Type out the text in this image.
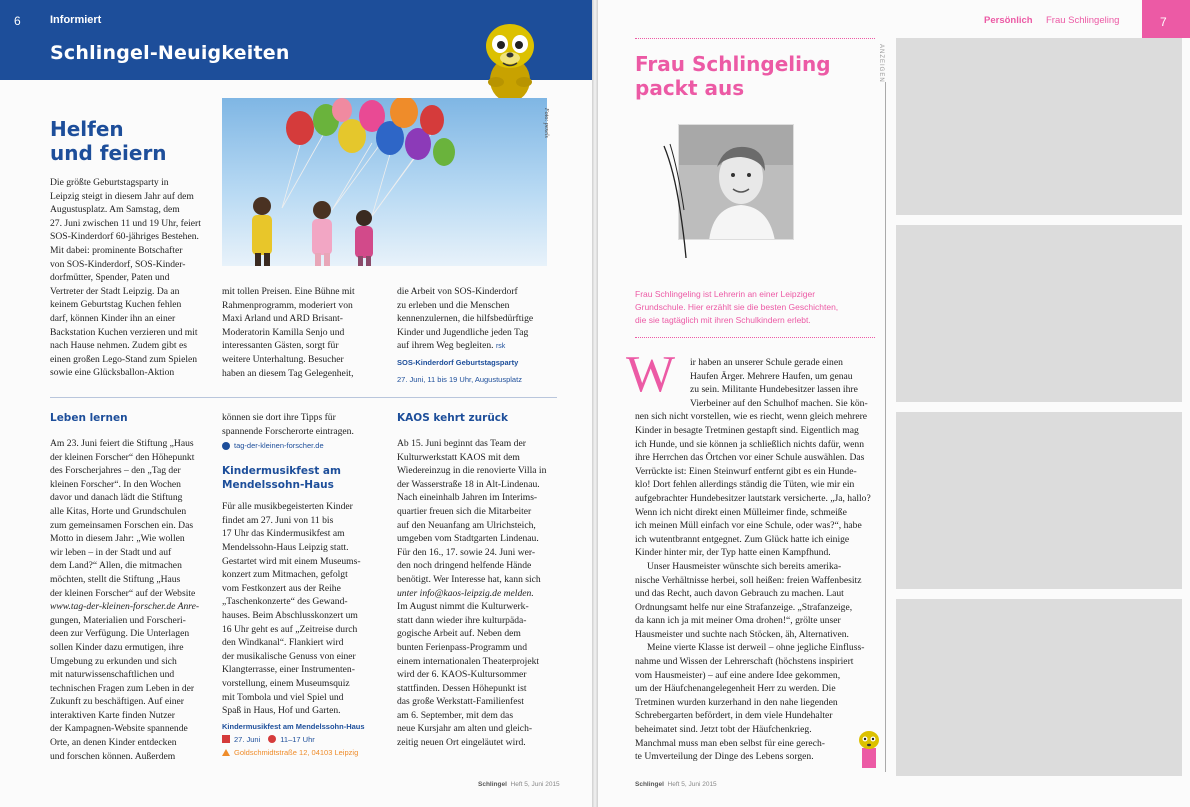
6	Informiert
Schlingel-Neuigkeiten
Helfen
und feiern
Die größte Geburtstagsparty in
Leipzig steigt in diesem Jahr auf dem
Augustusplatz. Am Samstag, dem
27. Juni zwischen 11 und 19 Uhr, feiert
SOS-Kinderdorf 60-jähriges Bestehen.
Mit dabei: prominente Botschafter
von SOS-Kinderdorf, SOS-Kinder-
dorfmütter, Spender, Paten und
Vertreter der Stadt Leipzig. Da an
keinem Geburtstag Kuchen fehlen
darf, können Kinder ihn an einer
Backstation Kuchen verzieren und mit
nach Hause nehmen. Zudem gibt es
einen großen Lego-Stand zum Spielen
sowie eine Glücksballon-Aktion
Foto: pexels
mit tollen Preisen. Eine Bühne mit
Rahmenprogramm, moderiert von
Maxi Arland und ARD Brisant-
Moderatorin Kamilla Senjo und
interessanten Gästen, sorgt für
weitere Unterhaltung. Besucher
haben an diesem Tag Gelegenheit,
die Arbeit von SOS-Kinderdorf
zu erleben und die Menschen
kennenzulernen, die hilfsbedürftige
Kinder und Jugendliche jeden Tag
auf ihrem Weg begleiten. rsk
SOS-Kinderdorf Geburtstagsparty
27. Juni, 11 bis 19 Uhr, Augustusplatz
Leben lernen
Am 23. Juni feiert die Stiftung „Haus
der kleinen Forscher“ den Höhepunkt
des Forscherjahres – den „Tag der
kleinen Forscher“. In den Wochen
davor und danach lädt die Stiftung
alle Kitas, Horte und Grundschulen
zum gemeinsamen Forschen ein. Das
Motto in diesem Jahr: „Wie wollen
wir leben – in der Stadt und auf
dem Land?“ Allen, die mitmachen
möchten, stellt die Stiftung „Haus
der kleinen Forscher“ auf der Website
www.tag-der-kleinen-forscher.de Anre-
gungen, Materialien und Forscheri-
deen zur Verfügung. Die Unterlagen
sollen Kinder dazu ermutigen, ihre
Umgebung zu erkunden und sich
mit naturwissenschaftlichen und
technischen Fragen zum Leben in der
Zukunft zu beschäftigen. Auf einer
interaktiven Karte finden Nutzer
der Kampagnen-Website spannende
Orte, an denen Kinder entdecken
und forschen können. Außerdem
können sie dort ihre Tipps für
spannende Forscherorte eintragen.
tag-der-kleinen-forscher.de
Kindermusikfest am
Mendelssohn-Haus
Für alle musikbegeisterten Kinder
findet am 27. Juni von 11 bis
17 Uhr das Kindermusikfest am
Mendelssohn-Haus Leipzig statt.
Gestartet wird mit einem Museums-
konzert zum Mitmachen, gefolgt
vom Festkonzert aus der Reihe
„Taschenkonzerte“ des Gewand-
hauses. Beim Abschlusskonzert um
16 Uhr geht es auf „Zeitreise durch
den Windkanal“. Flankiert wird
der musikalische Genuss von einer
Klangterrasse, einer Instrumenten-
vorstellung, einem Museumsquiz
mit Tombola und viel Spiel und
Spaß in Haus, Hof und Garten.
Kindermusikfest am Mendelssohn-Haus
27. Juni	11–17 Uhr
Goldschmidtstraße 12, 04103 Leipzig
KAOS kehrt zurück
Ab 15. Juni beginnt das Team der
Kulturwerkstatt KAOS mit dem
Wiedereinzug in die renovierte Villa in
der Wasserstraße 18 in Alt-Lindenau.
Nach eineinhalb Jahren im Interims-
quartier freuen sich die Mitarbeiter
auf den Neuanfang am Ulrichsteich,
umgeben vom Stadtgarten Lindenau.
Für den 16., 17. sowie 24. Juni wer-
den noch dringend helfende Hände
benötigt. Wer Interesse hat, kann sich
unter info@kaos-leipzig.de melden.
Im August nimmt die Kulturwerk-
statt dann wieder ihre kulturpäda-
gogische Arbeit auf. Neben dem
bunten Ferienpass-Programm und
einem internationalen Theaterprojekt
wird der 6. KAOS-Kultursommer
stattfinden. Dessen Höhepunkt ist
das große Werkstatt-Familienfest
am 6. September, mit dem das
neue Kursjahr am alten und gleich-
zeitig neuen Ort eingeläutet wird.
Schlingel Heft 5, Juni 2015
7
Persönlich Frau Schlingeling
Frau Schlingeling
packt aus
Frau Schlingeling ist Lehrerin an einer Leipziger
Grundschule. Hier erzählt sie die besten Geschichten,
die sie tagtäglich mit ihren Schulkindern erlebt.
W ir haben an unserer Schule gerade einen
Haufen Ärger. Mehrere Haufen, um genau
zu sein. Militante Hundebesitzer lassen ihre
Vierbeiner auf den Schulhof machen. Sie kön-
nen sich nicht vorstellen, wie es riecht, wenn gleich mehrere
Kinder in besagte Tretminen gestapft sind. Eigentlich mag
ich Hunde, und sie können ja schließlich nichts dafür, wenn
ihre Herrchen das Örtchen vor einer Schule auswählen. Das
Verrückte ist: Einen Steinwurf entfernt gibt es ein Hunde-
klo! Dort fehlen allerdings ständig die Tüten, wie mir ein
aufgebrachter Hundebesitzer lautstark versicherte. „Ja, hallo?
Wenn ich nicht direkt einen Mülleimer finde, schmeiße
ich meinen Müll einfach vor eine Schule, oder was?“, habe
ich wutentbrannt entgegnet. Zum Glück hatte ich einige
Kinder hinter mir, der Typ hatte einen Kampfhund.
Unser Hausmeister wünschte sich bereits amerika-
nische Verhältnisse herbei, soll heißen: freien Waffenbesitz
und das Recht, auch davon Gebrauch zu machen. Laut
Ordnungsamt helfe nur eine Strafanzeige. „Strafanzeige,
da kann ich ja mit meiner Oma drohen!“, grölte unser
Hausmeister und suchte nach Stöcken, äh, Alternativen.
Meine vierte Klasse ist derweil – ohne jegliche Einfluss-
nahme und Wissen der Lehrerschaft (höchstens inspiriert
vom Hausmeister) – auf eine andere Idee gekommen,
um der Häufchenangelegenheit Herr zu werden. Die
Tretminen wurden kurzerhand in den nahe liegenden
Schrebergarten befördert, in dem viele Hundehalter
beheimatet sind. Jetzt tobt der Häufchenkrieg.
Manchmal muss man eben selbst für eine gerech-
te Umverteilung der Dinge des Lebens sorgen.
ANZEIGEN
Schlingel Heft 5, Juni 2015
